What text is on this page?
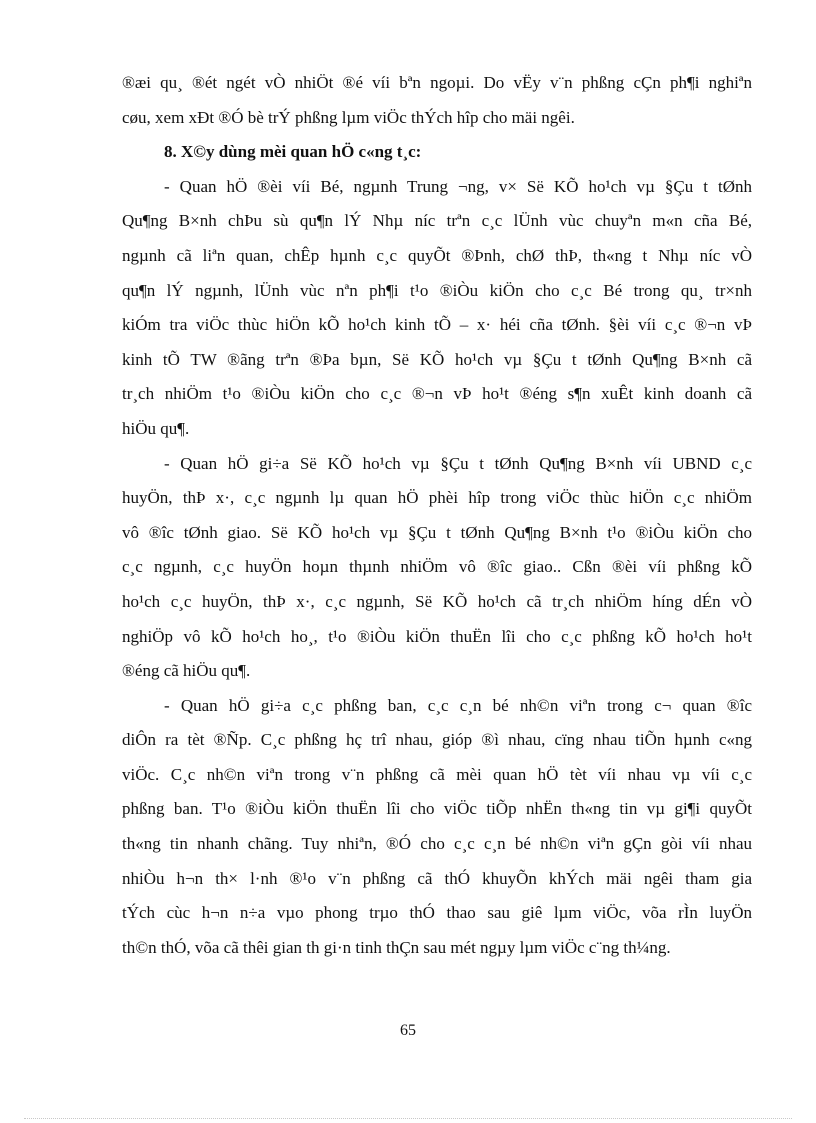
®æi qu¸ ®ét ngét vÒ nhiÖt ®é víi bªn ngoµi. Do vËy v¨n phßng cÇn ph¶i nghiªn
cøu, xem xÐt ®Ó bè trÝ phßng lµm viÖc thÝch hîp cho mäi ngêi.
8. X©y dùng mèi quan hÖ c«ng t¸c:
- Quan hÖ ®èi víi Bé, ngµnh Trung ¬ng, v× Së KÕ ho¹ch vµ §Çu t tØnh
Qu¶ng B×nh chÞu sù qu¶n lÝ Nhµ níc trªn c¸c lÜnh vùc chuyªn m«n cña Bé,
ngµnh cã liªn quan, chÊp hµnh c¸c quyÕt ®Þnh, chØ thÞ, th«ng t Nhµ níc vÒ
qu¶n lÝ ngµnh, lÜnh vùc nªn ph¶i t¹o ®iÒu kiÖn cho c¸c Bé trong qu¸ tr×nh
kiÓm tra viÖc thùc hiÖn kÕ ho¹ch kinh tÕ – x· héi cña tØnh. §èi víi c¸c ®¬n vÞ
kinh tÕ TW ®ãng trªn ®Þa bµn, Së KÕ ho¹ch vµ §Çu t tØnh Qu¶ng B×nh cã
tr¸ch nhiÖm t¹o ®iÒu kiÖn cho c¸c ®¬n vÞ ho¹t ®éng s¶n xuÊt kinh doanh cã
hiÖu qu¶.
- Quan hÖ gi÷a Së KÕ ho¹ch vµ §Çu t tØnh Qu¶ng B×nh víi UBND c¸c
huyÖn, thÞ x·, c¸c ngµnh lµ quan hÖ phèi hîp trong viÖc thùc hiÖn c¸c nhiÖm
vô ®îc tØnh giao. Së KÕ ho¹ch vµ §Çu t tØnh Qu¶ng B×nh t¹o ®iÒu kiÖn cho
c¸c ngµnh, c¸c huyÖn hoµn thµnh nhiÖm vô ®îc giao.. Cßn ®èi víi phßng kÕ
ho¹ch c¸c huyÖn, thÞ x·, c¸c ngµnh, Së KÕ ho¹ch cã tr¸ch nhiÖm híng dÉn vÒ
nghiÖp vô kÕ ho¹ch ho¸, t¹o ®iÒu kiÖn thuËn lîi cho c¸c phßng kÕ ho¹ch ho¹t
®éng cã hiÖu qu¶.
- Quan hÖ gi÷a c¸c phßng ban, c¸c c¸n bé nh©n viªn trong c¬ quan ®îc
diÔn ra tèt ®Ñp. C¸c phßng hç trî nhau, gióp ®ì nhau, cïng nhau tiÕn hµnh c«ng
viÖc. C¸c nh©n viªn trong v¨n phßng cã mèi quan hÖ tèt víi nhau vµ víi c¸c
phßng ban. T¹o ®iÒu kiÖn thuËn lîi cho viÖc tiÕp nhËn th«ng tin vµ gi¶i quyÕt
th«ng tin nhanh chãng. Tuy nhiªn, ®Ó cho c¸c c¸n bé nh©n viªn gÇn gòi víi nhau
nhiÒu h¬n th× l·nh ®¹o v¨n phßng cã thÓ khuyÕn khÝch mäi ngêi tham gia
tÝch cùc h¬n n÷a vµo phong trµo thÓ thao sau giê lµm viÖc, võa rÌn luyÖn
th©n thÓ, võa cã thêi gian th gi·n tinh thÇn sau mét ngµy lµm viÖc c¨ng th¼ng.
65
